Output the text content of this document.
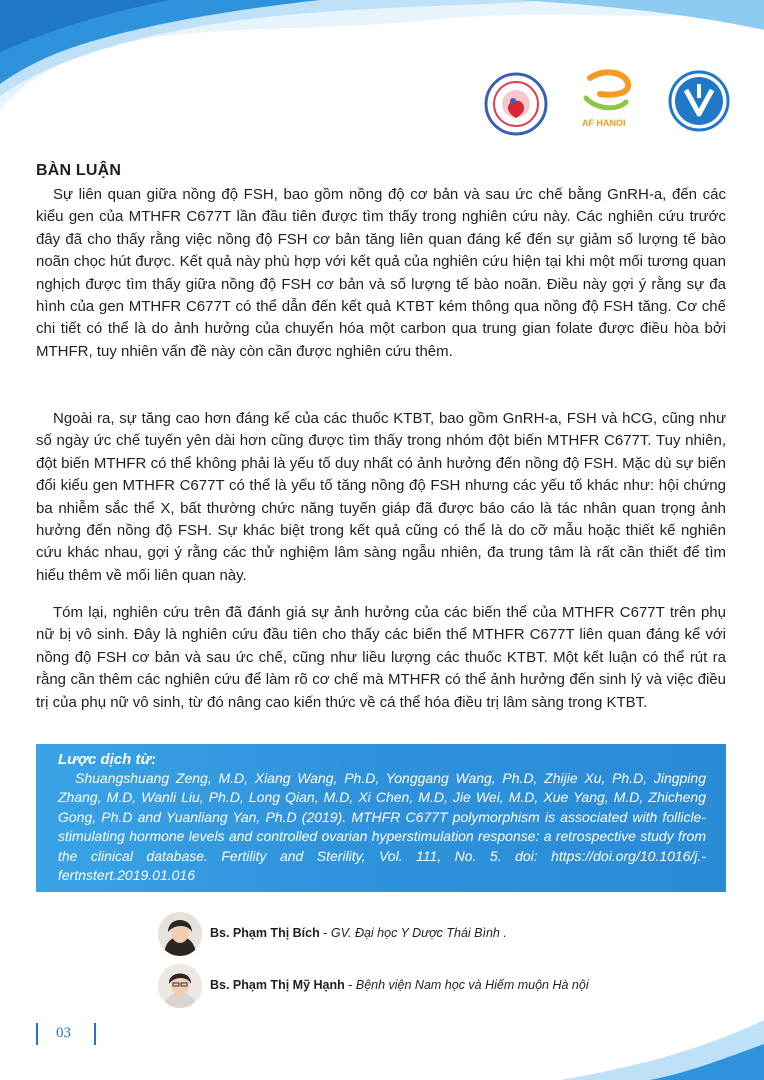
AF HANOI
BÀN LUẬN

Sự liên quan giữa nồng độ FSH, bao gồm nồng độ cơ bản và sau ức chế bằng GnRH-a, đến các kiểu gen của MTHFR C677T lần đầu tiên được tìm thấy trong nghiên cứu này. Các nghiên cứu trước đây đã cho thấy rằng việc nồng độ FSH cơ bản tăng liên quan đáng kể đến sự giảm số lượng tế bào noãn chọc hút được. Kết quả này phù hợp với kết quả của nghiên cứu hiện tại khi một mối tương quan nghịch được tìm thấy giữa nồng độ FSH cơ bản và số lượng tế bào noãn. Điều này gợi ý rằng sự đa hình của gen MTHFR C677T có thể dẫn đến kết quả KTBT kém thông qua nồng độ FSH tăng. Cơ chế chi tiết có thể là do ảnh hưởng của chuyển hóa một carbon qua trung gian folate được điều hòa bởi MTHFR, tuy nhiên vấn đề này còn cần được nghiên cứu thêm.

Ngoài ra, sự tăng cao hơn đáng kể của các thuốc KTBT, bao gồm GnRH-a, FSH và hCG, cũng như số ngày ức chế tuyến yên dài hơn cũng được tìm thấy trong nhóm đột biến MTHFR C677T. Tuy nhiên, đột biến MTHFR có thể không phải là yếu tố duy nhất có ảnh hưởng đến nồng độ FSH. Mặc dù sự biến đổi kiểu gen MTHFR C677T có thể là yếu tố tăng nồng độ FSH nhưng các yếu tố khác như: hội chứng ba nhiễm sắc thể X, bất thường chức năng tuyến giáp đã được báo cáo là tác nhân quan trọng ảnh hưởng đến nồng độ FSH. Sự khác biệt trong kết quả cũng có thể là do cỡ mẫu hoặc thiết kế nghiên cứu khác nhau, gợi ý rằng các thử nghiệm lâm sàng ngẫu nhiên, đa trung tâm là rất cần thiết để tìm hiểu thêm về mối liên quan này.

Tóm lại, nghiên cứu trên đã đánh giá sự ảnh hưởng của các biến thể của MTHFR C677T trên phụ nữ bị vô sinh. Đây là nghiên cứu đầu tiên cho thấy các biến thể MTHFR C677T liên quan đáng kể với nồng độ FSH cơ bản và sau ức chế, cũng như liều lượng các thuốc KTBT. Một kết luận có thể rút ra rằng cần thêm các nghiên cứu để làm rõ cơ chế mà MTHFR có thể ảnh hưởng đến sinh lý và việc điều trị của phụ nữ vô sinh, từ đó nâng cao kiến thức về cá thể hóa điều trị lâm sàng trong KTBT.

Lược dịch từ:

Shuangshuang Zeng, M.D, Xiang Wang, Ph.D, Yonggang Wang, Ph.D, Zhijie Xu, Ph.D, Jingping Zhang, M.D, Wanli Liu, Ph.D, Long Qian, M.D, Xi Chen, M.D, Jie Wei, M.D, Xue Yang, M.D, Zhicheng Gong, Ph.D and Yuanliang Yan, Ph.D (2019). MTHFR C677T polymorphism is associated with follicle-stimulating hormone levels and controlled ovarian hyperstimulation response: a retrospective study from the clinical database. Fertility and Sterility, Vol. 111, No. 5. doi: https://doi.org/10.1016/j.-fertnstert.2019.01.016

Bs. Phạm Thị Bích - GV. Đại học Y Dược Thái Bình .
Bs. Phạm Thị Mỹ Hạnh - Bệnh viện Nam học và Hiếm muộn Hà nội
03
